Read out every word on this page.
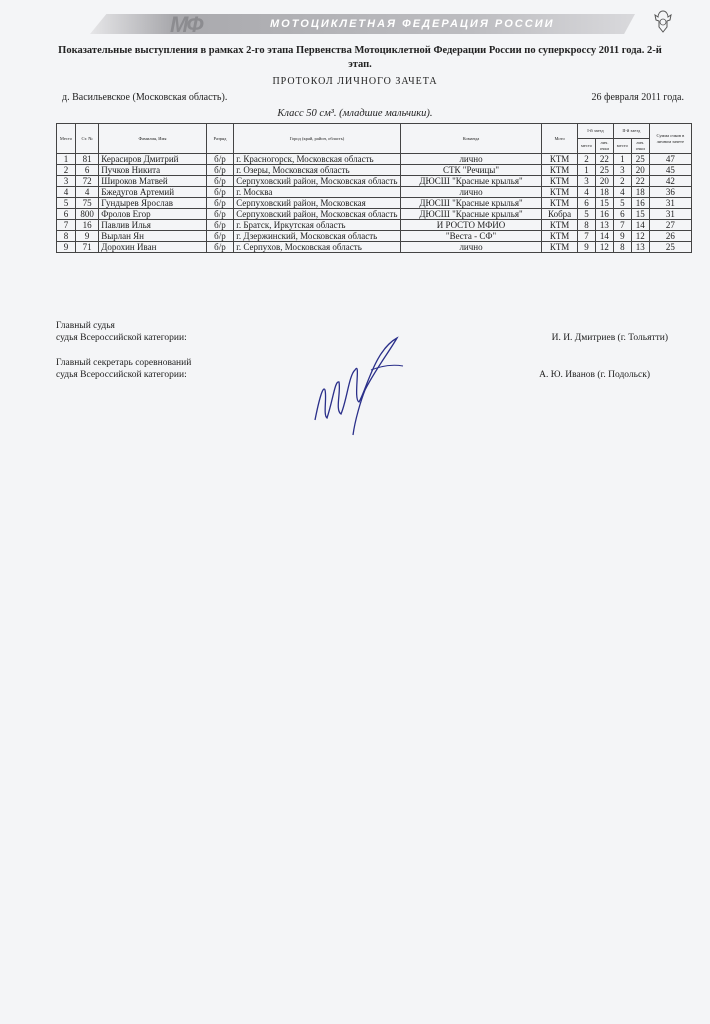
МФ	МОТОЦИКЛЕТНАЯ ФЕДЕРАЦИЯ РОССИИ
Показательные выступления в рамках 2-го этапа Первенства Мотоциклетной Федерации России по суперкроссу 2011 года. 2-й этап.
ПРОТОКОЛ ЛИЧНОГО ЗАЧЕТА
д. Васильевское (Московская область).	26 февраля 2011 года.
Класс 50 см³. (младшие мальчики).
Место	Ст. №	Фамилия, Имя	Разряд	Город (край, район, область)	Команда	Мото	I-й заезд		II-й заезд		Сумма очков в личном зачете
							место	лич. очки	место	лич. очки	
1	81	Керасиров Дмитрий	б/р	г. Красногорск, Московская область	лично	КТМ	2	22	1	25	47
2	6	Пучков Никита	б/р	г. Озеры, Московская область	СТК "Речицы"	КТМ	1	25	3	20	45
3	72	Широков Матвей	б/р	Серпуховский район, Московская область	ДЮСШ "Красные крылья"	КТМ	3	20	2	22	42
4	4	Бжедугов Артемий	б/р	г. Москва	лично	КТМ	4	18	4	18	36
5	75	Гундырев Ярослав	б/р	Серпуховский район, Московская	ДЮСШ "Красные крылья"	КТМ	6	15	5	16	31
6	800	Фролов Егор	б/р	Серпуховский район, Московская область	ДЮСШ "Красные крылья"	Кобра	5	16	6	15	31
7	16	Павлив Илья	б/р	г. Братск, Иркутская область	И РОСТО МФИО	КТМ	8	13	7	14	27
8	9	Вырлан Ян	б/р	г. Дзержинский, Московская область	"Веста - СФ"	КТМ	7	14	9	12	26
9	71	Дорохин Иван	б/р	г. Серпухов, Московская область	лично	КТМ	9	12	8	13	25
Главный судья
судья Всероссийской категории:	И. И. Дмитриев (г. Тольятти)
Главный секретарь соревнований
судья Всероссийской категории:	А. Ю. Иванов (г. Подольск)
